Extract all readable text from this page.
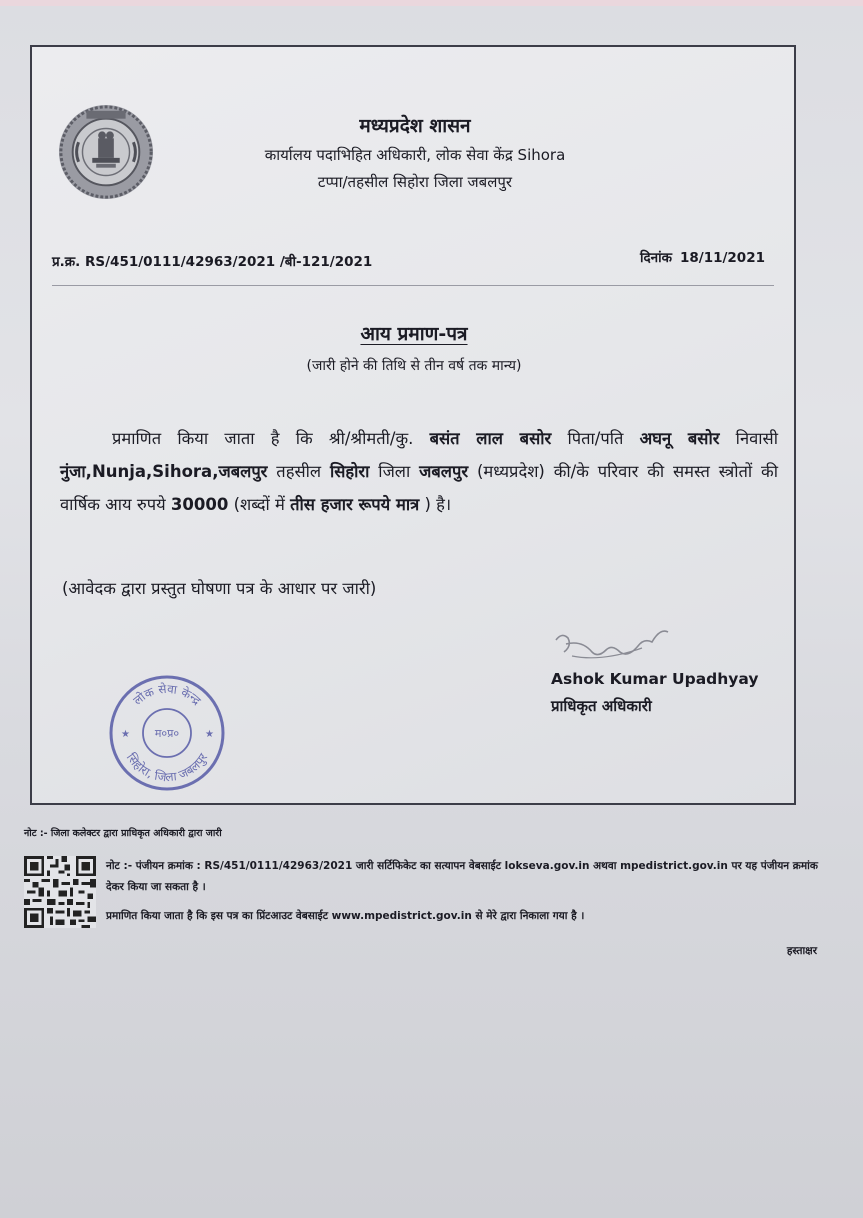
मध्यप्रदेश शासन
कार्यालय पदाभिहित अधिकारी, लोक सेवा केंद्र Sihora
टप्पा/तहसील सिहोरा जिला जबलपुर
प्र.क्र. RS/451/0111/42963/2021 /बी-121/2021	दिनांक 18/11/2021
आय प्रमाण-पत्र
(जारी होने की तिथि से तीन वर्ष तक मान्य)
प्रमाणित किया जाता है कि श्री/श्रीमती/कु. बसंत लाल बसोर पिता/पति अघनू बसोर निवासी नुंजा,Nunja,Sihora,जबलपुर तहसील सिहोरा जिला जबलपुर (मध्यप्रदेश) की/के परिवार की समस्त स्त्रोतों की वार्षिक आय रुपये 30000 (शब्दों में तीस हजार रूपये मात्र ) है।
(आवेदक द्वारा प्रस्तुत घोषणा पत्र के आधार पर जारी)
Ashok Kumar Upadhyay
प्राधिकृत अधिकारी
लोक सेवा केन्द्र
म०प्र०
सिहोरा, जिला जबलपुर
★	★
नोट :- जिला कलेक्टर द्वारा प्राधिकृत अधिकारी द्वारा जारी
नोट :- पंजीयन क्रमांक : RS/451/0111/42963/2021 जारी सर्टिफिकेट का सत्यापन वेबसाईट lokseva.gov.in अथवा mpedistrict.gov.in पर यह पंजीयन क्रमांक देकर किया जा सकता है ।
प्रमाणित किया जाता है कि इस पत्र का प्रिंटआउट वेबसाईट www.mpedistrict.gov.in से मेरे द्वारा निकाला गया है ।
हस्ताक्षर
